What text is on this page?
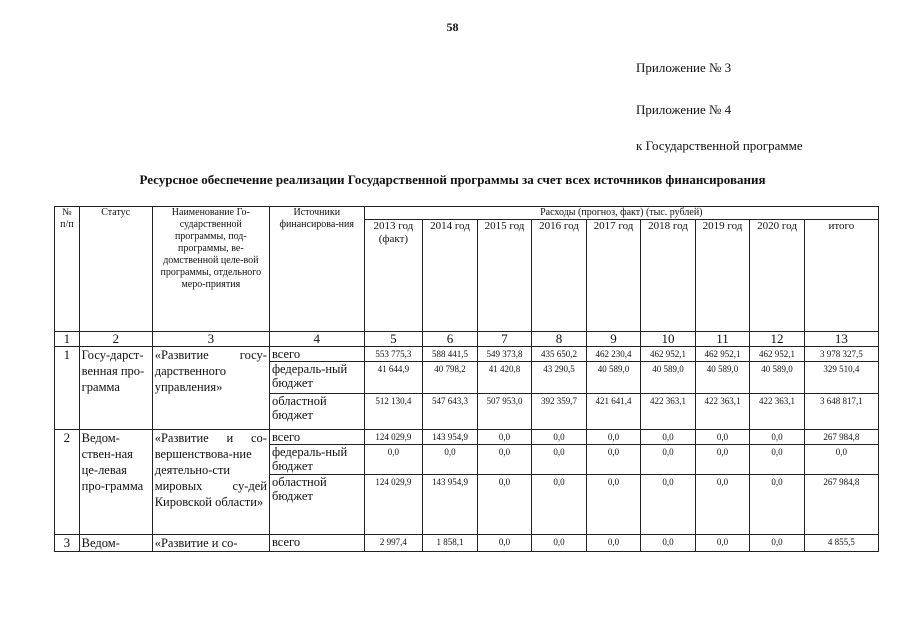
58
Приложение № 3
Приложение № 4
к Государственной программе
Ресурсное обеспечение реализации Государственной программы за счет всех источников финансирования
№ п/п	Статус	Наименование Го-сударственной программы, под-программы, ве-домственной целе-вой программы, отдельного меро-приятия	Источники финансирова-ния	Расходы (прогноз, факт) (тыс. рублей)								
				2013 год (факт)	2014 год	2015 год	2016 год	2017 год	2018 год	2019 год	2020 год	итого
1	2	3	4	5	6	7	8	9	10	11	12	13
1	Госу-дарст-венная про-грамма	«Развитие госу-дарственного управления»	всего	553 775,3	588 441,5	549 373,8	435 650,2	462 230,4	462 952,1	462 952,1	462 952,1	3 978 327,5
			федераль-ный бюджет	41 644,9	40 798,2	41 420,8	43 290,5	40 589,0	40 589,0	40 589,0	40 589,0	329 510,4
			областной бюджет	512 130,4	547 643,3	507 953,0	392 359,7	421 641,4	422 363,1	422 363,1	422 363,1	3 648 817,1
2	Ведом-ствен-ная це-левая про-грамма	«Развитие и со-вершенствова-ние деятельно-сти мировых су-дей Кировской области»	всего	124 029,9	143 954,9	0,0	0,0	0,0	0,0	0,0	0,0	267 984,8
			федераль-ный бюджет	0,0	0,0	0,0	0,0	0,0	0,0	0,0	0,0	0,0
			областной бюджет	124 029,9	143 954,9	0,0	0,0	0,0	0,0	0,0	0,0	267 984,8
3	Ведом-	«Развитие и со-	всего	2 997,4	1 858,1	0,0	0,0	0,0	0,0	0,0	0,0	4 855,5
